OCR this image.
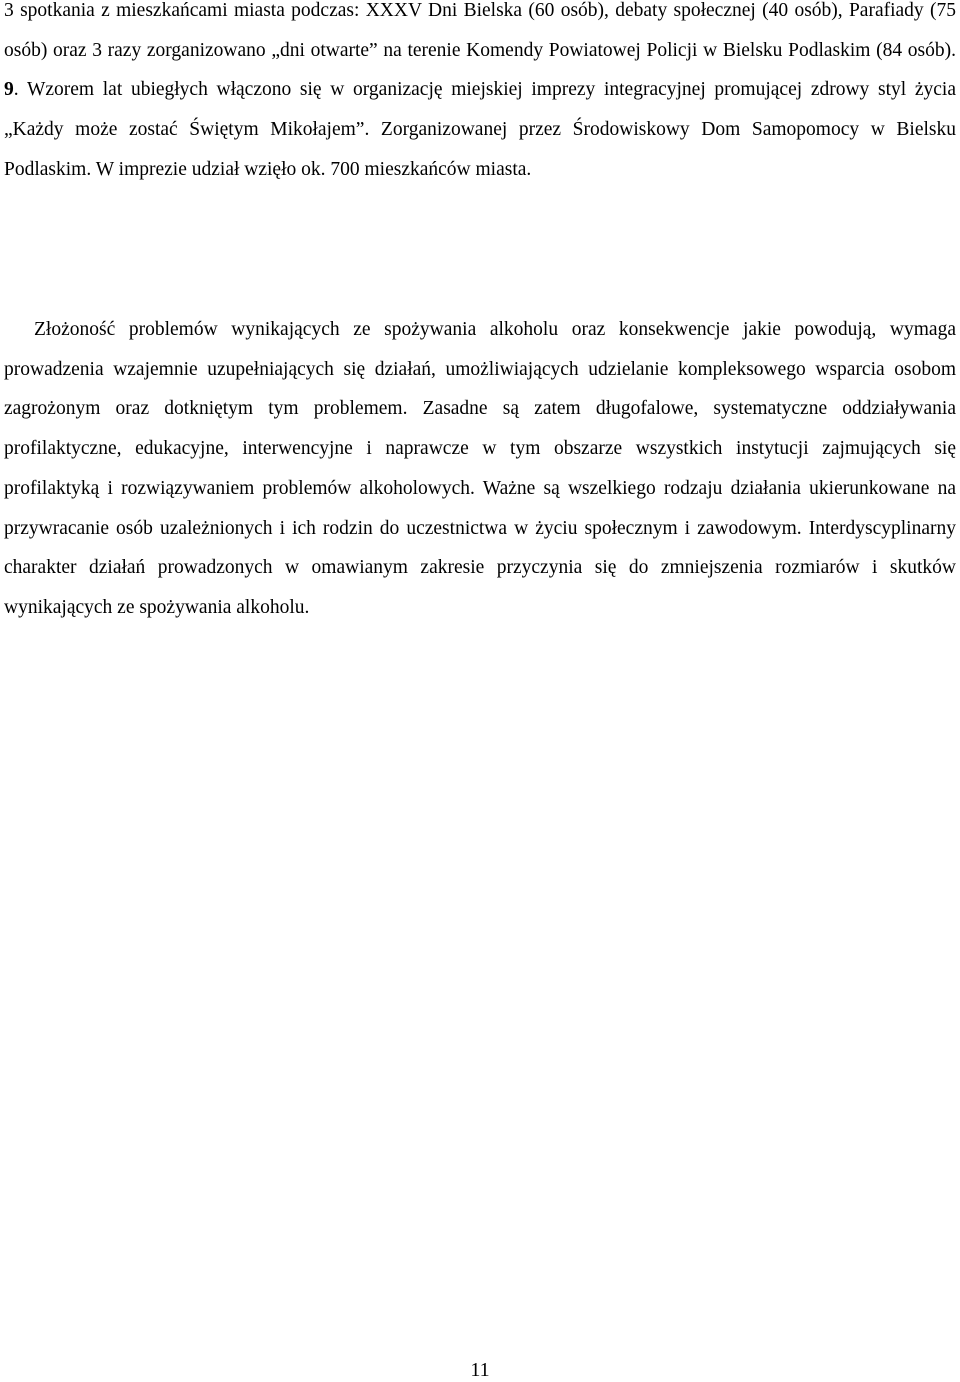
3 spotkania z mieszkańcami miasta podczas: XXXV Dni Bielska (60 osób), debaty społecznej (40 osób), Parafiady (75 osób) oraz 3 razy zorganizowano „dni otwarte” na terenie Komendy Powiatowej Policji w Bielsku Podlaskim (84 osób). 9. Wzorem lat ubiegłych włączono się w organizację miejskiej imprezy integracyjnej promującej zdrowy styl życia „Każdy może zostać Świętym Mikołajem”. Zorganizowanej przez Środowiskowy Dom Samopomocy w Bielsku Podlaskim. W imprezie udział wzięło ok. 700 mieszkańców miasta.

Złożoność problemów wynikających ze spożywania alkoholu oraz konsekwencje jakie powodują, wymaga prowadzenia wzajemnie uzupełniających się działań, umożliwiających udzielanie kompleksowego wsparcia osobom zagrożonym oraz dotkniętym tym problemem. Zasadne są zatem długofalowe, systematyczne oddziaływania profilaktyczne, edukacyjne, interwencyjne i naprawcze w tym obszarze wszystkich instytucji zajmujących się profilaktyką i rozwiązywaniem problemów alkoholowych. Ważne są wszelkiego rodzaju działania ukierunkowane na przywracanie osób uzależnionych i ich rodzin do uczestnictwa w życiu społecznym i zawodowym. Interdyscyplinarny charakter działań prowadzonych w omawianym zakresie przyczynia się do zmniejszenia rozmiarów i skutków wynikających ze spożywania alkoholu.

11
